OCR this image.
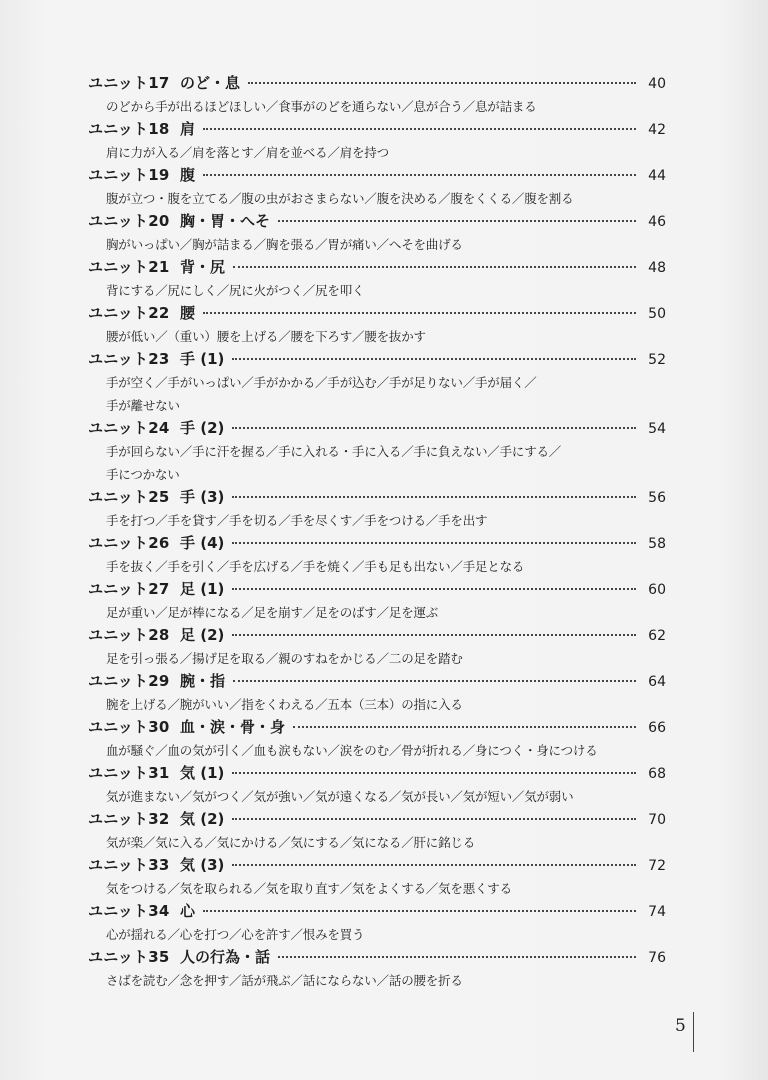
ユニット17 のど・息	40
のどから手が出るほどほしい／食事がのどを通らない／息が合う／息が詰まる
ユニット18 肩	42
肩に力が入る／肩を落とす／肩を並べる／肩を持つ
ユニット19 腹	44
腹が立つ・腹を立てる／腹の虫がおさまらない／腹を決める／腹をくくる／腹を割る
ユニット20 胸・胃・へそ	46
胸がいっぱい／胸が詰まる／胸を張る／胃が痛い／へそを曲げる
ユニット21 背・尻	48
背にする／尻にしく／尻に火がつく／尻を叩く
ユニット22 腰	50
腰が低い／（重い）腰を上げる／腰を下ろす／腰を抜かす
ユニット23 手 (1)	52
手が空く／手がいっぱい／手がかかる／手が込む／手が足りない／手が届く／
手が離せない
ユニット24 手 (2)	54
手が回らない／手に汗を握る／手に入れる・手に入る／手に負えない／手にする／
手につかない
ユニット25 手 (3)	56
手を打つ／手を貸す／手を切る／手を尽くす／手をつける／手を出す
ユニット26 手 (4)	58
手を抜く／手を引く／手を広げる／手を焼く／手も足も出ない／手足となる
ユニット27 足 (1)	60
足が重い／足が棒になる／足を崩す／足をのばす／足を運ぶ
ユニット28 足 (2)	62
足を引っ張る／揚げ足を取る／親のすねをかじる／二の足を踏む
ユニット29 腕・指	64
腕を上げる／腕がいい／指をくわえる／五本（三本）の指に入る
ユニット30 血・涙・骨・身	66
血が騒ぐ／血の気が引く／血も涙もない／涙をのむ／骨が折れる／身につく・身につける
ユニット31 気 (1)	68
気が進まない／気がつく／気が強い／気が遠くなる／気が長い／気が短い／気が弱い
ユニット32 気 (2)	70
気が楽／気に入る／気にかける／気にする／気になる／肝に銘じる
ユニット33 気 (3)	72
気をつける／気を取られる／気を取り直す／気をよくする／気を悪くする
ユニット34 心	74
心が揺れる／心を打つ／心を許す／恨みを買う
ユニット35 人の行為・話	76
さばを読む／念を押す／話が飛ぶ／話にならない／話の腰を折る
5
